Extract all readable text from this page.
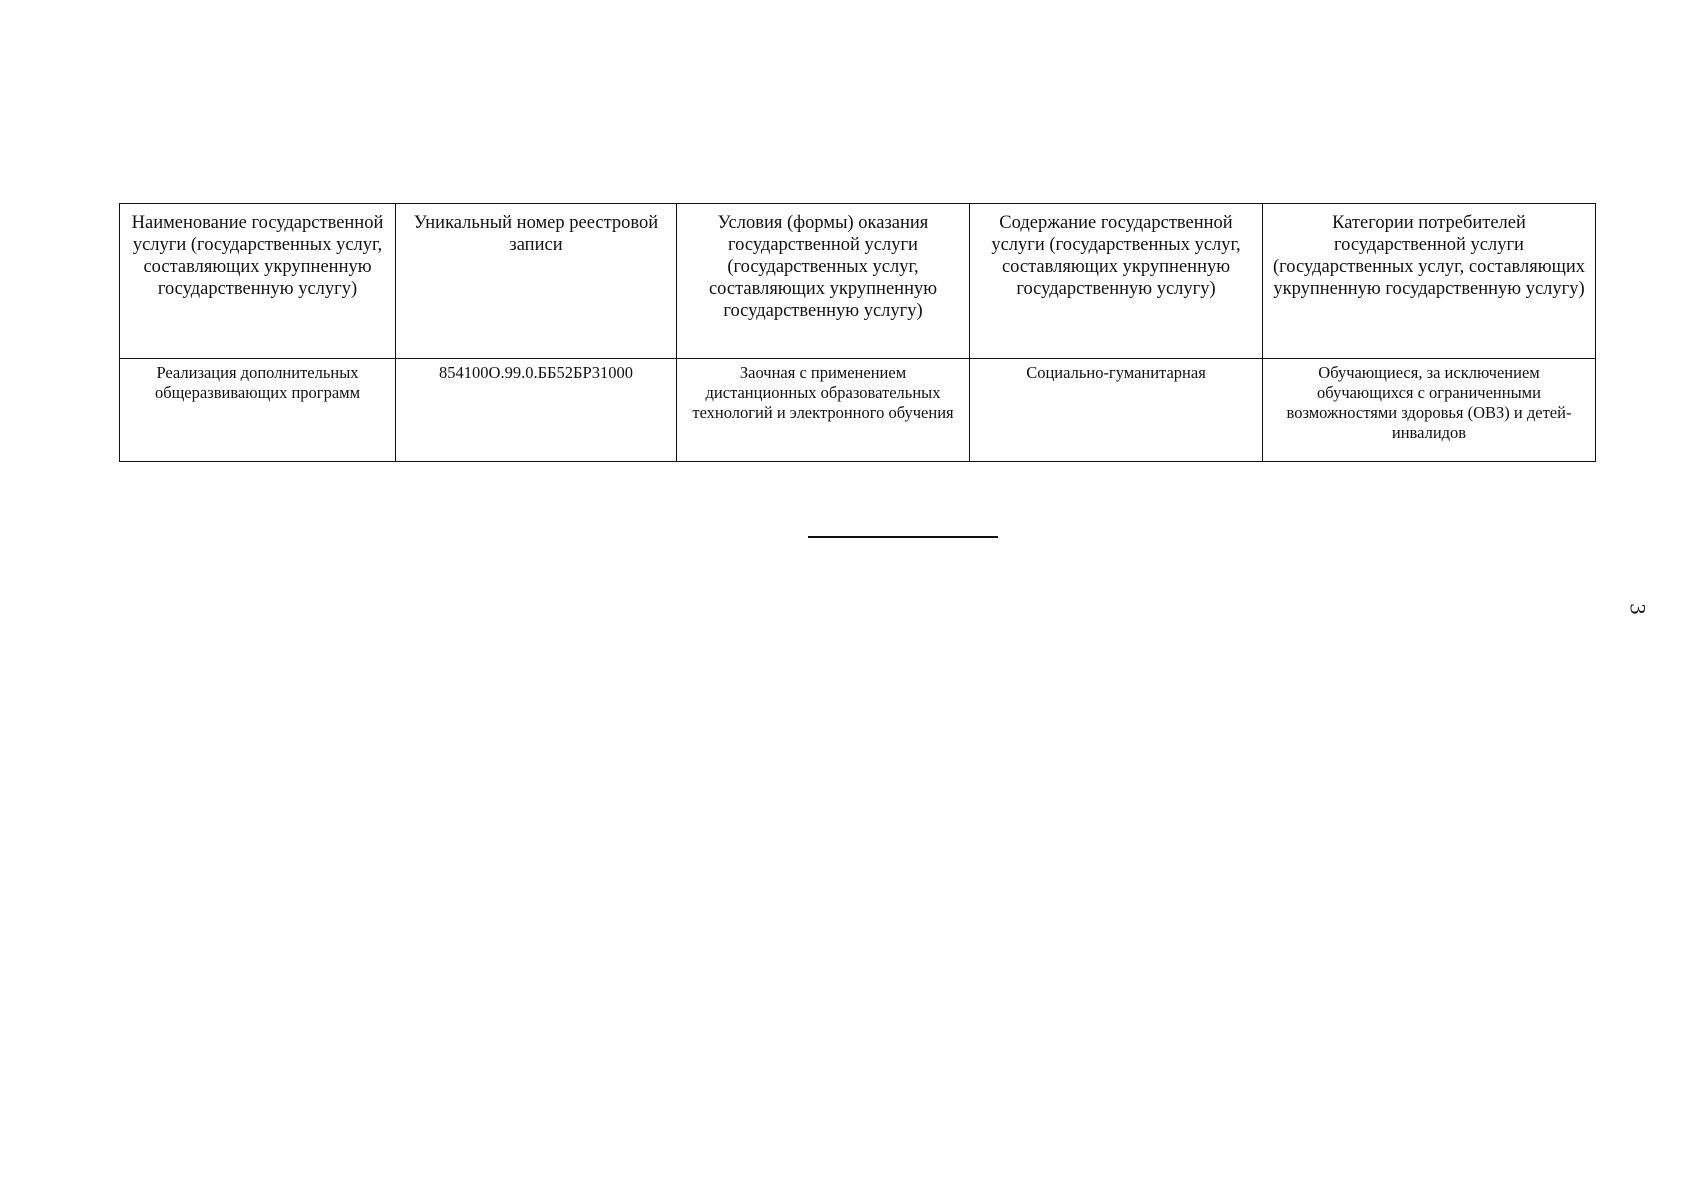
Наименование государственной услуги (государственных услуг, составляющих укрупненную государственную услугу)	Уникальный номер реестровой записи	Условия (формы) оказания государственной услуги (государственных услуг, составляющих укрупненную государственную услугу)	Содержание государственной услуги (государственных услуг, составляющих укрупненную государственную услугу)	Категории потребителей государственной услуги (государственных услуг, составляющих укрупненную государственную услугу)
Реализация дополнительных общеразвивающих программ	854100О.99.0.ББ52БР31000	Заочная с применением дистанционных образовательных технологий и электронного обучения	Социально-гуманитарная	Обучающиеся, за исключением обучающихся с ограниченными возможностями здоровья (ОВЗ) и детей-инвалидов
3
